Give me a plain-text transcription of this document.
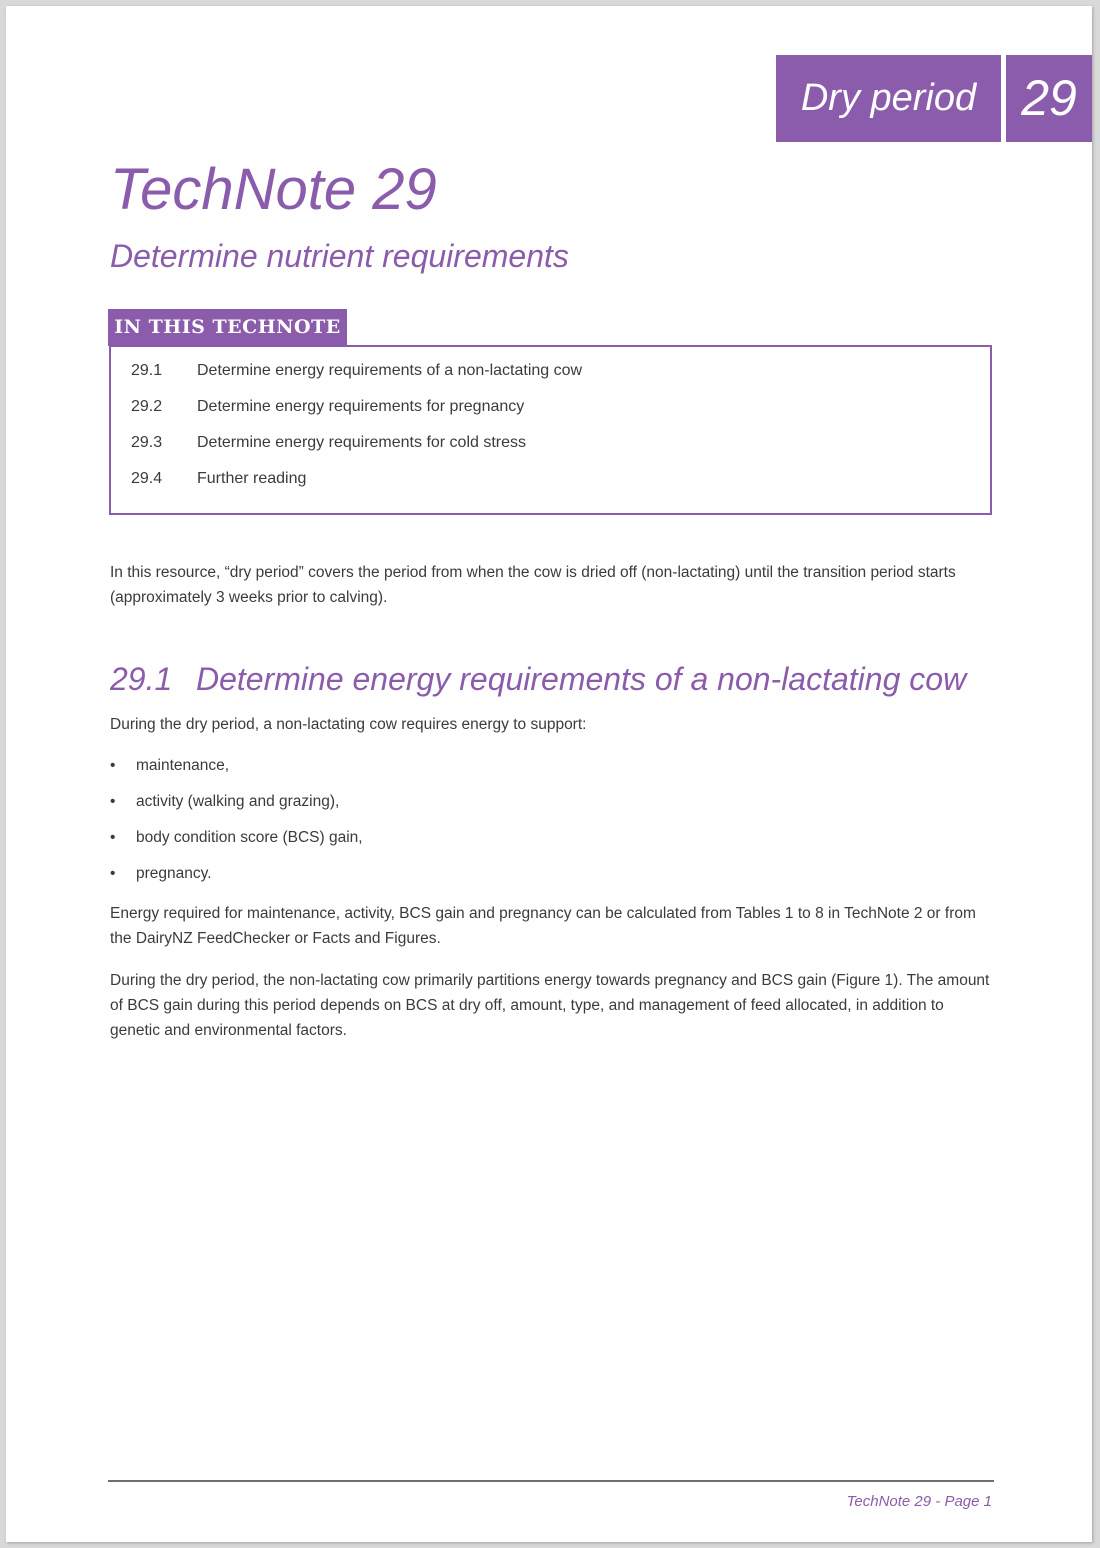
Dry period 29
TechNote 29
Determine nutrient requirements
IN THIS TECHNOTE
29.1 Determine energy requirements of a non-lactating cow
29.2 Determine energy requirements for pregnancy
29.3 Determine energy requirements for cold stress
29.4 Further reading

In this resource, “dry period” covers the period from when the cow is dried off (non-lactating) until the transition period starts (approximately 3 weeks prior to calving).

29.1 Determine energy requirements of a non-lactating cow

During the dry period, a non-lactating cow requires energy to support:

• maintenance,
• activity (walking and grazing),
• body condition score (BCS) gain,
• pregnancy.

Energy required for maintenance, activity, BCS gain and pregnancy can be calculated from Tables 1 to 8 in TechNote 2 or from the DairyNZ FeedChecker or Facts and Figures.

During the dry period, the non-lactating cow primarily partitions energy towards pregnancy and BCS gain (Figure 1). The amount of BCS gain during this period depends on BCS at dry off, amount, type, and management of feed allocated, in addition to genetic and environmental factors.

TechNote 29 - Page 1
